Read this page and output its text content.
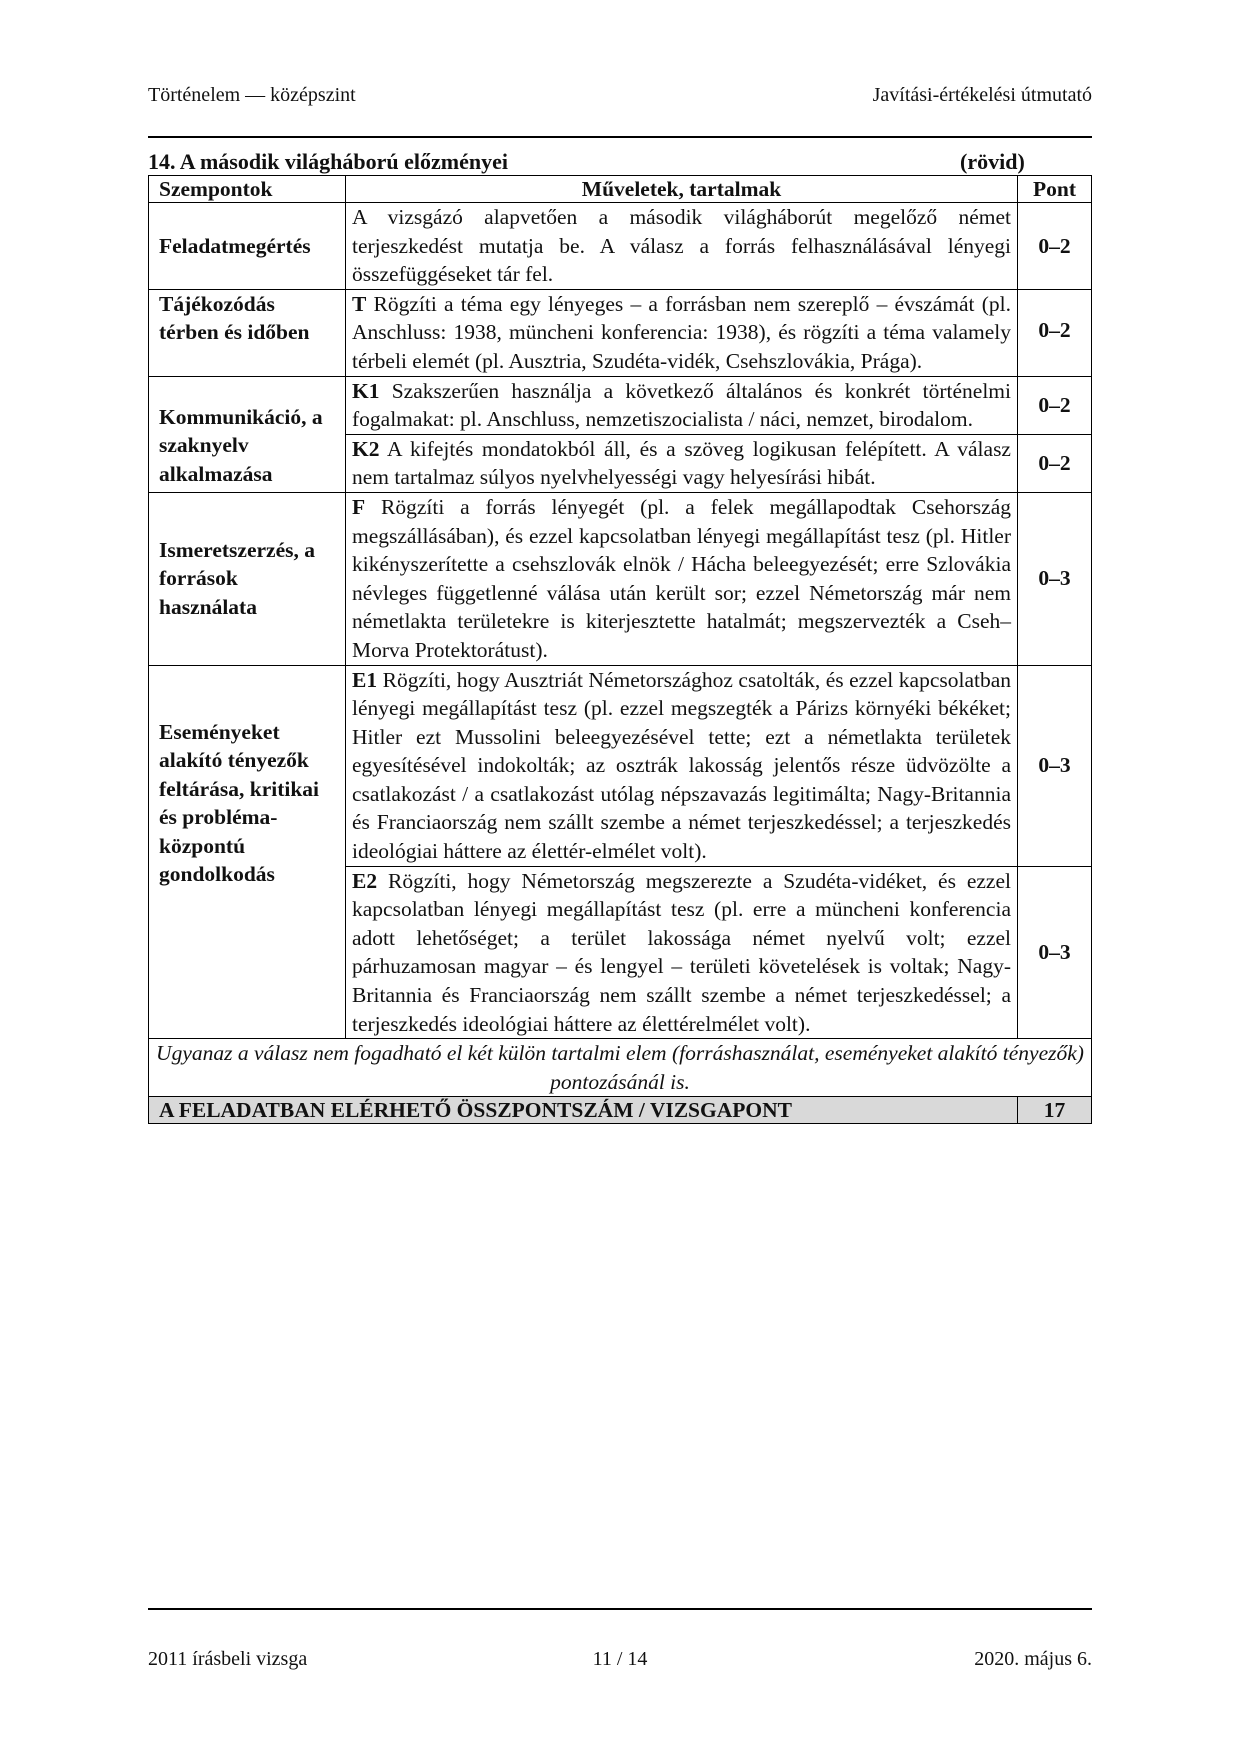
Történelem — középszint	Javítási-értékelési útmutató
14. A második világháború előzményei	(rövid)
Szempontok	Műveletek, tartalmak	Pont
Feladatmegértés	A vizsgázó alapvetően a második világháborút megelőző német terjeszkedést mutatja be. A válasz a forrás felhasználásával lényegi összefüggéseket tár fel.	0–2
Tájékozódás térben és időben	T Rögzíti a téma egy lényeges – a forrásban nem szereplő – évszámát (pl. Anschluss: 1938, müncheni konferencia: 1938), és rögzíti a téma valamely térbeli elemét (pl. Ausztria, Szudéta-vidék, Csehszlovákia, Prága).	0–2
Kommunikáció, a szaknyelv alkalmazása	K1 Szakszerűen használja a következő általános és konkrét történelmi fogalmakat: pl. Anschluss, nemzetiszocialista / náci, nemzet, birodalom.	0–2
	K2 A kifejtés mondatokból áll, és a szöveg logikusan felépített. A válasz nem tartalmaz súlyos nyelvhelyességi vagy helyesírási hibát.	0–2
Ismeretszerzés, a források használata	F Rögzíti a forrás lényegét (pl. a felek megállapodtak Csehország megszállásában), és ezzel kapcsolatban lényegi megállapítást tesz (pl. Hitler kikényszerítette a csehszlovák elnök / Hácha beleegyezését; erre Szlovákia névleges függetlenné válása után került sor; ezzel Németország már nem németlakta területekre is kiterjesztette hatalmát; megszervezték a Cseh–Morva Protektorátust).	0–3
Eseményeket alakító tényezők feltárása, kritikai és probléma-központú gondolkodás	E1 Rögzíti, hogy Ausztriát Németországhoz csatolták, és ezzel kapcsolatban lényegi megállapítást tesz (pl. ezzel megszegték a Párizs környéki békéket; Hitler ezt Mussolini beleegyezésével tette; ezt a németlakta területek egyesítésével indokolták; az osztrák lakosság jelentős része üdvözölte a csatlakozást / a csatlakozást utólag népszavazás legitimálta; Nagy-Britannia és Franciaország nem szállt szembe a német terjeszkedéssel; a terjeszkedés ideológiai háttere az élettér-elmélet volt).	0–3
	E2 Rögzíti, hogy Németország megszerezte a Szudéta-vidéket, és ezzel kapcsolatban lényegi megállapítást tesz (pl. erre a müncheni konferencia adott lehetőséget; a terület lakossága német nyelvű volt; ezzel párhuzamosan magyar – és lengyel – területi követelések is voltak; Nagy-Britannia és Franciaország nem szállt szembe a német terjeszkedéssel; a terjeszkedés ideológiai háttere az élettérelmélet volt).	0–3
Ugyanaz a válasz nem fogadható el két külön tartalmi elem (forráshasználat, eseményeket alakító tényezők) pontozásánál is.		
A FELADATBAN ELÉRHETŐ ÖSSZPONTSZÁM / VIZSGAPONT		17
2011 írásbeli vizsga	11 / 14	2020. május 6.
